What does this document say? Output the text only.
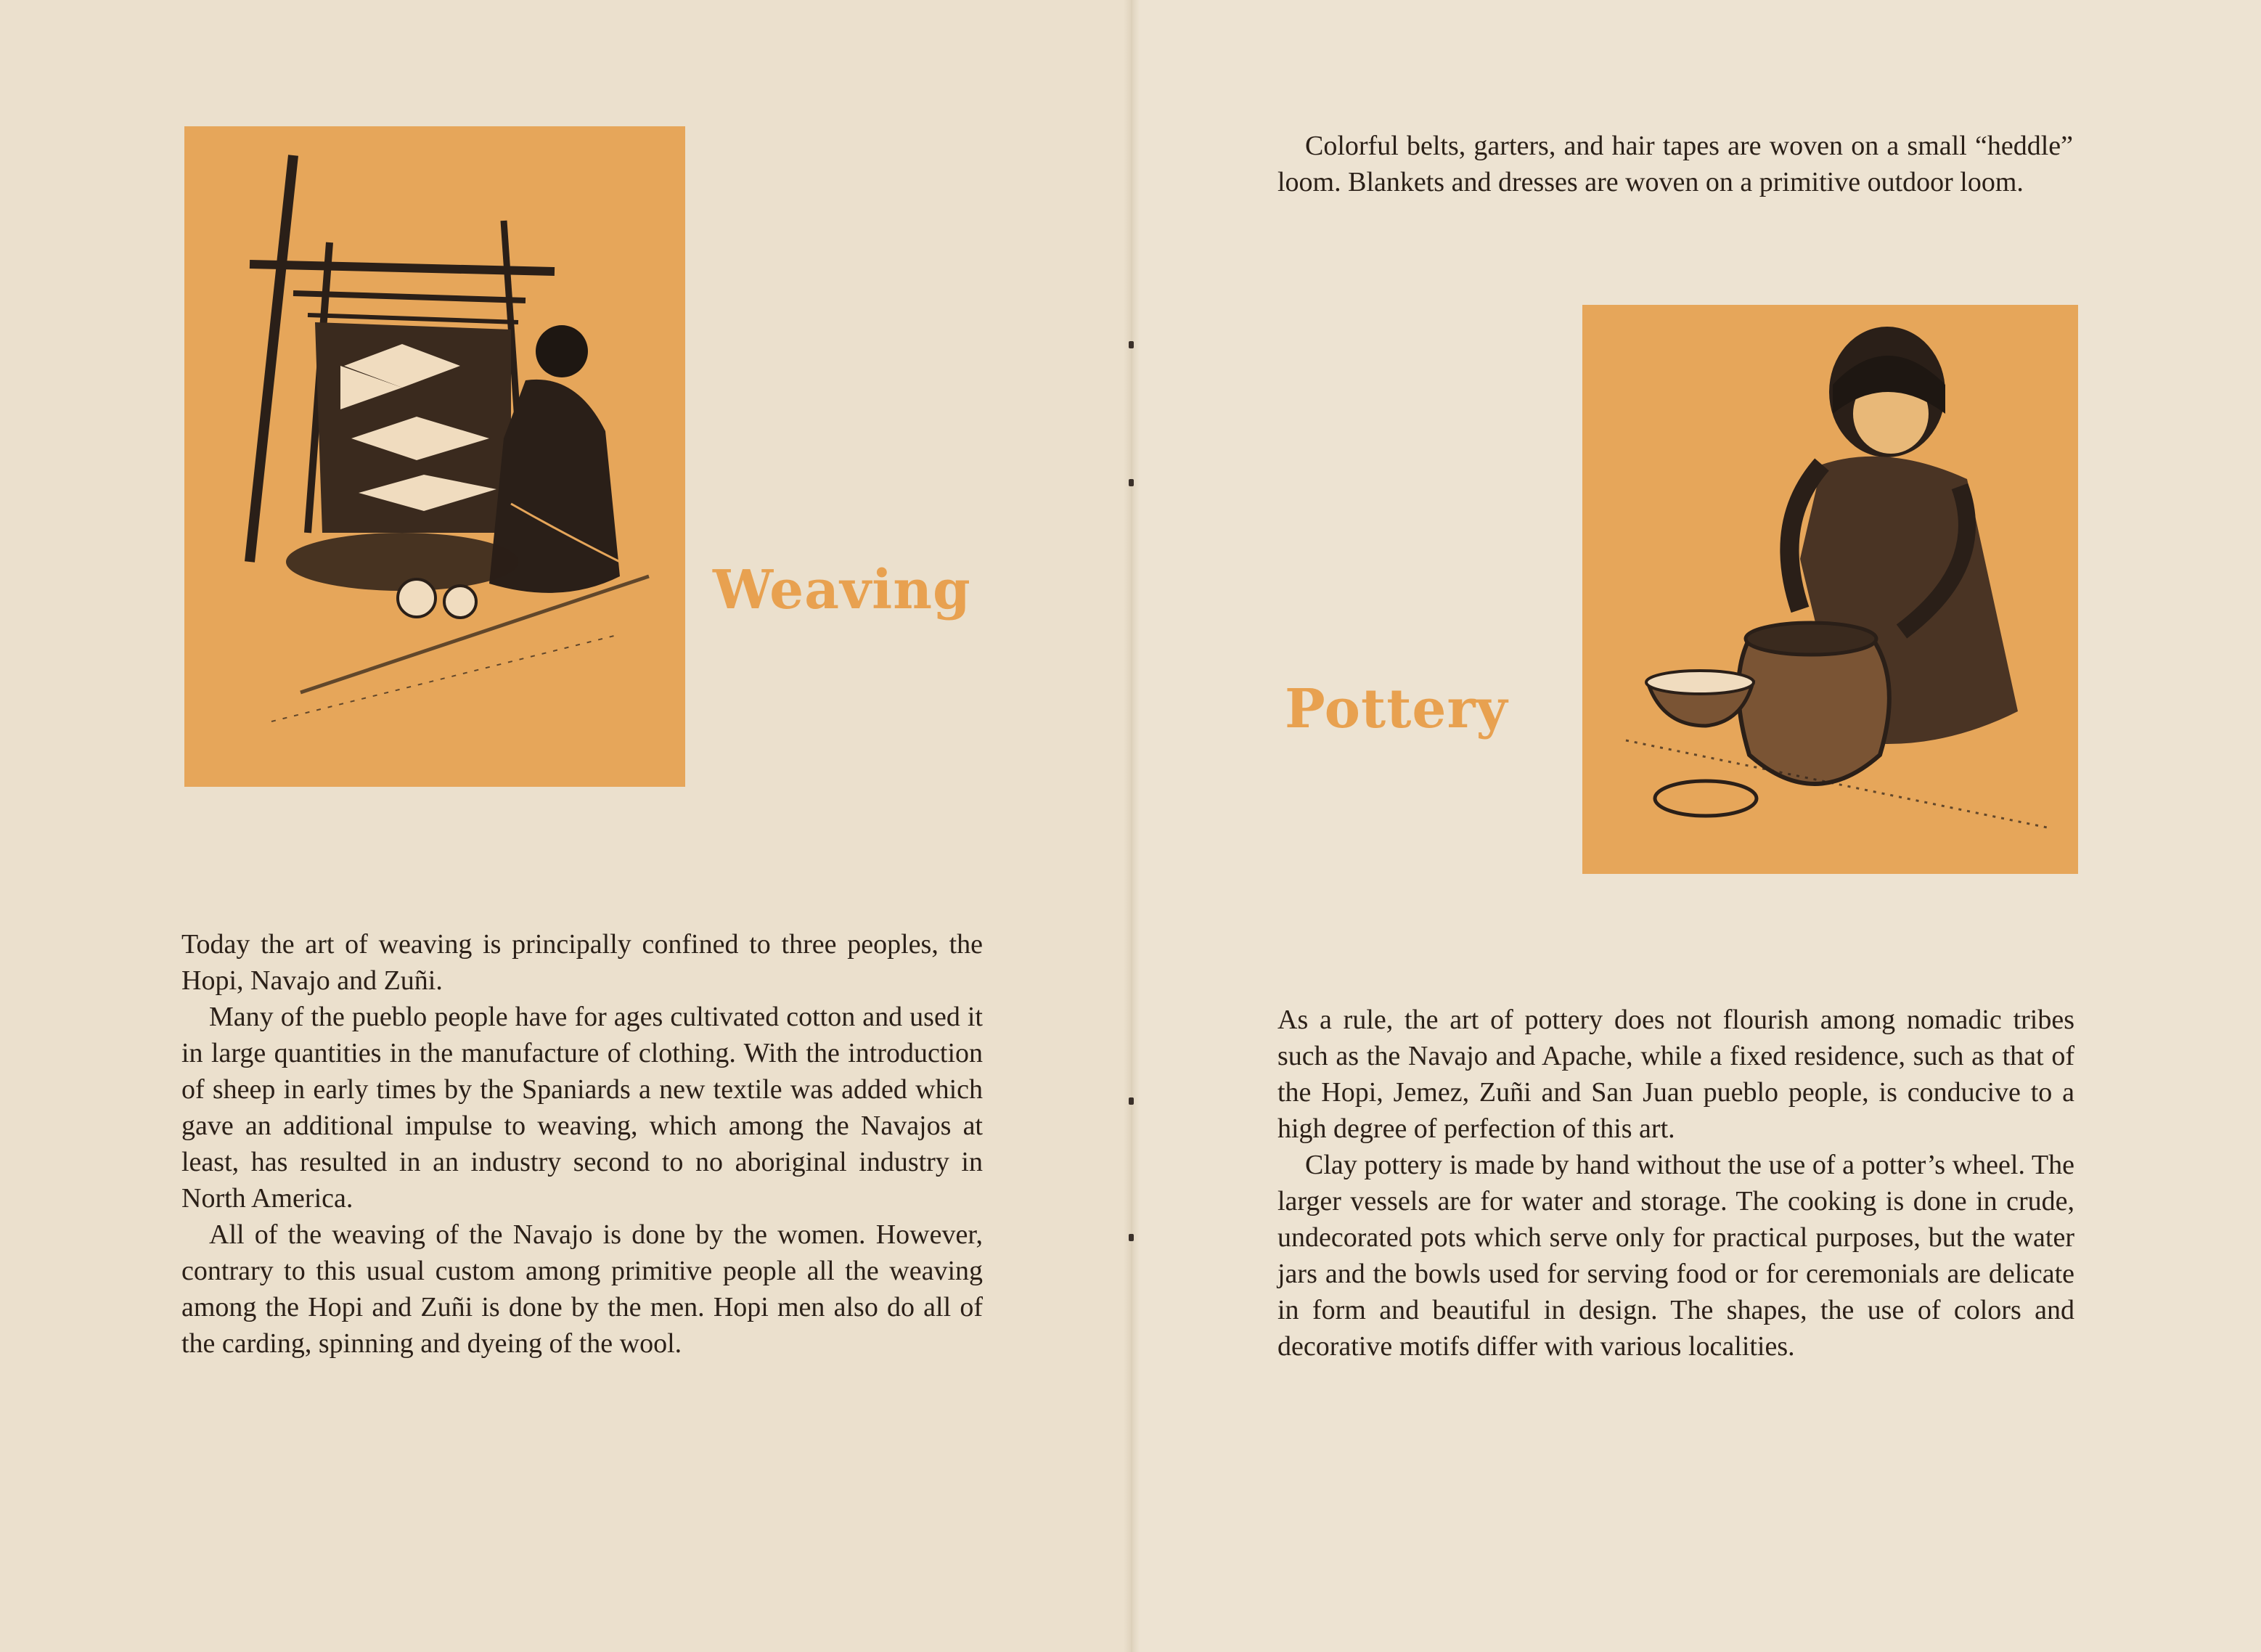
Weaving

Today the art of weaving is principally confined to three peoples, the Hopi, Navajo and Zuñi.

Many of the pueblo people have for ages cultivated cotton and used it in large quantities in the manufacture of clothing. With the introduction of sheep in early times by the Spaniards a new textile was added which gave an additional impulse to weaving, which among the Navajos at least, has resulted in an industry second to no aboriginal industry in North America.

All of the weaving of the Navajo is done by the women. However, contrary to this usual custom among primitive people all the weaving among the Hopi and Zuñi is done by the men. Hopi men also do all of the carding, spinning and dyeing of the wool.

Colorful belts, garters, and hair tapes are woven on a small “heddle” loom. Blankets and dresses are woven on a primitive outdoor loom.

Pottery

As a rule, the art of pottery does not flourish among nomadic tribes such as the Navajo and Apache, while a fixed residence, such as that of the Hopi, Jemez, Zuñi and San Juan pueblo people, is conducive to a high degree of perfection of this art.

Clay pottery is made by hand without the use of a potter’s wheel. The larger vessels are for water and storage. The cooking is done in crude, undecorated pots which serve only for practical purposes, but the water jars and the bowls used for serving food or for ceremonials are delicate in form and beautiful in design. The shapes, the use of colors and decorative motifs differ with various localities.
